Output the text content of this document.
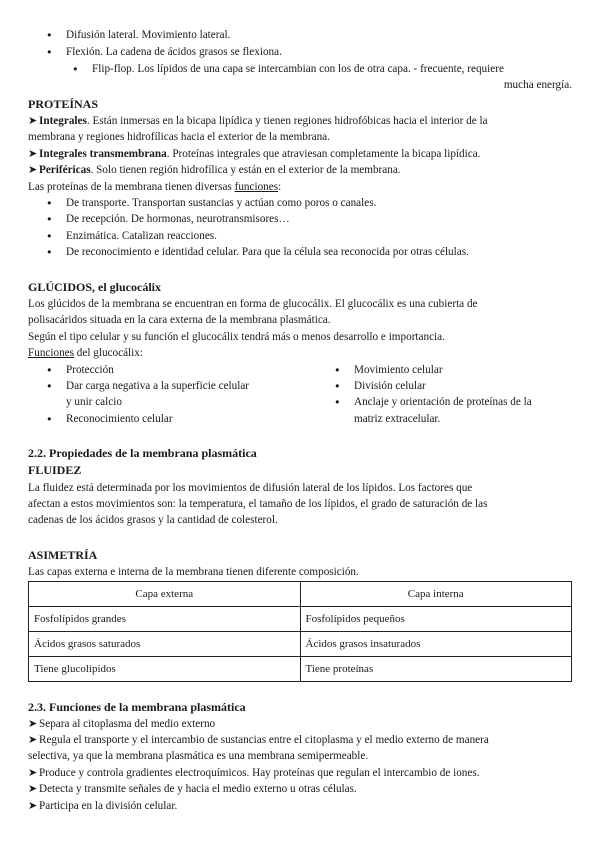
● Difusión lateral. Movimiento lateral.

● Flexión. La cadena de ácidos grasos se flexiona.

● Flip-flop. Los lípidos de una capa se intercambian con los de otra capa. - frecuente, requiere

mucha energía.

PROTEÍNAS

➤ Integrales. Están inmersas en la bicapa lipídica y tienen regiones hidrofóbicas hacia el interior de la

membrana y regiones hidrofílicas hacia el exterior de la membrana.

➤ Integrales transmembrana. Proteínas integrales que atraviesan completamente la bicapa lipídica.

➤ Periféricas. Solo tienen región hidrofílica y están en el exterior de la membrana.

Las proteínas de la membrana tienen diversas funciones:

● De transporte. Transportan sustancias y actúan como poros o canales.

● De recepción. De hormonas, neurotransmisores…

● Enzimática. Catalizan reacciones.

● De reconocimiento e identidad celular. Para que la célula sea reconocida por otras células.

GLÚCIDOS, el glucocálix

Los glúcidos de la membrana se encuentran en forma de glucocálix. El glucocálix es una cubierta de

polisacáridos situada en la cara externa de la membrana plasmática.

Según el tipo celular y su función el glucocálix tendrá más o menos desarrollo e importancia.

Funciones del glucocálix:

● Protección

● Dar carga negativa a la superficie celular

y unir calcio

● Reconocimiento celular

● Movimiento celular

● División celular

● Anclaje y orientación de proteínas de la

matriz extracelular.

2.2. Propiedades de la membrana plasmática

FLUIDEZ

La fluidez está determinada por los movimientos de difusión lateral de los lípidos. Los factores que

afectan a estos movimientos son: la temperatura, el tamaño de los lípidos, el grado de saturación de las

cadenas de los ácidos grasos y la cantidad de colesterol.

ASIMETRÍA

Las capas externa e interna de la membrana tienen diferente composición.

Capa externa	Capa interna
Fosfolípidos grandes	Fosfolípidos pequeños
Ácidos grasos saturados	Ácidos grasos insaturados
Tiene glucolípidos	Tiene proteínas

2.3. Funciones de la membrana plasmática

➤ Separa al citoplasma del medio externo

➤ Regula el transporte y el intercambio de sustancias entre el citoplasma y el medio externo de manera

selectiva, ya que la membrana plasmática es una membrana semipermeable.

➤ Produce y controla gradientes electroquímicos. Hay proteínas que regulan el intercambio de iones.

➤ Detecta y transmite señales de y hacia el medio externo u otras células.

➤ Participa en la división celular.
